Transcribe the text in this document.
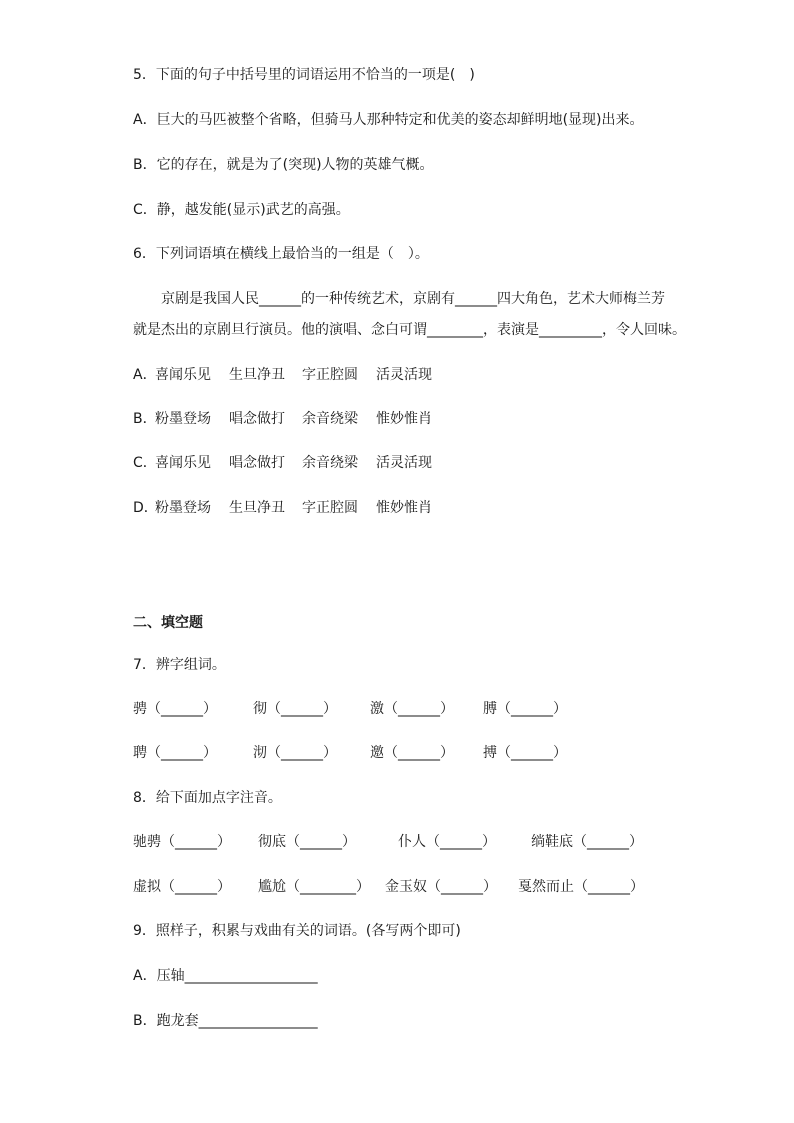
5．下面的句子中括号里的词语运用不恰当的一项是(　)
A．巨大的马匹被整个省略，但骑马人那种特定和优美的姿态却鲜明地(显现)出来。
B．它的存在，就是为了(突现)人物的英雄气概。
C．静，越发能(显示)武艺的高强。
6．下列词语填在横线上最恰当的一组是（　）。
　　京剧是我国人民______的一种传统艺术，京剧有______四大角色，艺术大师梅兰芳
就是杰出的京剧旦行演员。他的演唱、念白可谓________，表演是_________，令人回味。
A．
喜闻乐见 生旦净丑 字正腔圆 活灵活现
B．
粉墨登场 唱念做打 余音绕梁 惟妙惟肖
C．
喜闻乐见 唱念做打 余音绕梁 活灵活现
D．
粉墨登场 生旦净丑 字正腔圆 惟妙惟肖
二、填空题
7．辨字组词。
骋（______）	彻（______） 激（______） 膊（______）
聘（______）	沏（______） 邀（______） 搏（______）
8．给下面加点字注音。
驰骋（______） 彻底（______）	仆人（______）	绱鞋底（______）
虚拟（______） 尴尬（________） 金玉奴（______） 戛然而止（______）
9．照样子，积累与戏曲有关的词语。(各写两个即可)
A．压轴___________________
B．跑龙套_________________
